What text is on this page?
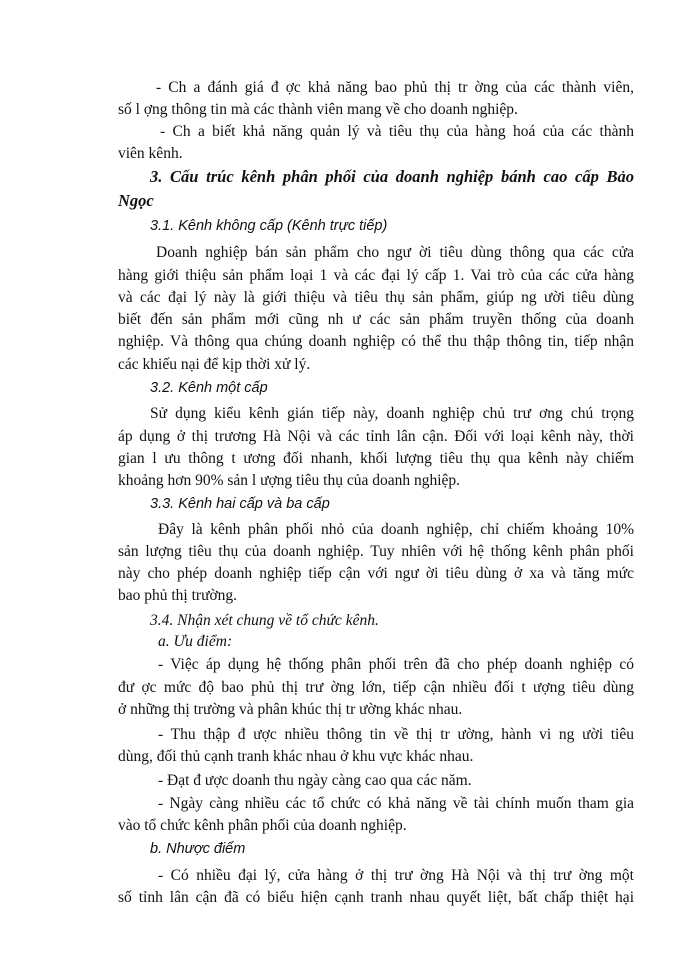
- Ch a đánh giá đ ợc khả năng bao phủ thị tr ờng của các thành viên,
số l ợng thông tin mà các thành viên mang về cho doanh nghiệp.
- Ch a biết khả năng quản lý và tiêu thụ của hàng hoá của các thành
viên kênh.
3. Cấu trúc kênh phân phối của doanh nghiệp bánh cao cấp Bảo
Ngọc
3.1. Kênh không cấp (Kênh trực tiếp)
Doanh nghiệp bán sản phẩm cho ngư ời tiêu dùng thông qua các cửa
hàng giới thiệu sản phẩm loại 1 và các đại lý cấp 1. Vai trò của các cửa hàng
và các đại lý này là giới thiệu và tiêu thụ sản phẩm, giúp ng ười tiêu dùng
biết đến sản phẩm mới cũng nh ư các sản phẩm truyền thống của doanh
nghiệp. Và thông qua chúng doanh nghiệp có thể thu thập thông tin, tiếp nhận
các khiếu nại để kịp thời xử lý.
3.2. Kênh một cấp
Sử dụng kiểu kênh gián tiếp này, doanh nghiệp chủ trư ơng chú trọng
áp dụng ở thị trương Hà Nội và các tỉnh lân cận. Đối với loại kênh này, thời
gian l ưu thông t ương đối nhanh, khối lượng tiêu thụ qua kênh này chiếm
khoảng hơn 90% sản l ượng tiêu thụ của doanh nghiệp.
3.3. Kênh hai cấp và ba cấp
Đây là kênh phân phối nhỏ của doanh nghiệp, chỉ chiếm khoảng 10%
sản lượng tiêu thụ của doanh nghiệp. Tuy nhiên với hệ thống kênh phân phối
này cho phép doanh nghiệp tiếp cận với ngư ời tiêu dùng ở xa và tăng mức
bao phủ thị trường.
3.4. Nhận xét chung về tổ chức kênh.
a. Ưu điểm:
- Việc áp dụng hệ thống phân phối trên đã cho phép doanh nghiệp có
đư ợc mức độ bao phủ thị trư ờng lớn, tiếp cận nhiều đối t ượng tiêu dùng
ở những thị trường và phân khúc thị tr ường khác nhau.
- Thu thập đ ược nhiều thông tin về thị tr ường, hành vi ng ười tiêu
dùng, đối thủ cạnh tranh khác nhau ở khu vực khác nhau.
- Đạt đ ược doanh thu ngày càng cao qua các năm.
- Ngày càng nhiều các tổ chức có khả năng về tài chính muốn tham gia
vào tổ chức kênh phân phối của doanh nghiệp.
b. Nhược điểm
- Có nhiều đại lý, cửa hàng ở thị trư ờng Hà Nội và thị trư ờng một
số tỉnh lân cận đã có biểu hiện cạnh tranh nhau quyết liệt, bất chấp thiệt hại
